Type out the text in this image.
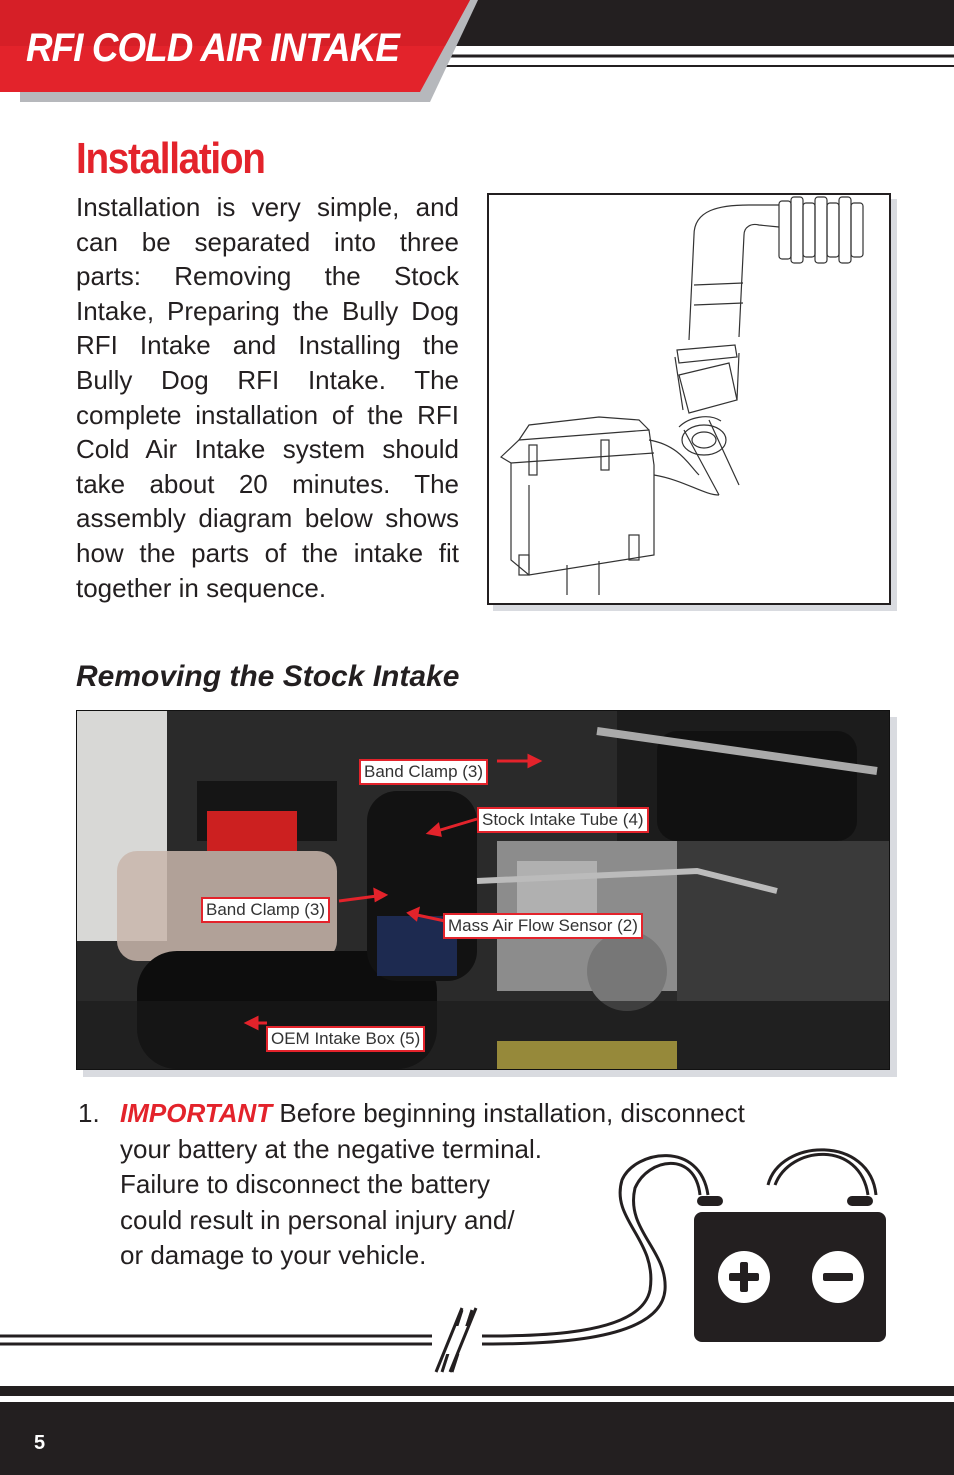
RFI COLD AIR INTAKE
Installation
Installation is very simple, and can be separated into three parts: Removing the Stock Intake, Preparing the Bully Dog RFI Intake and Installing the Bully Dog RFI Intake. The complete installation of the RFI Cold Air Intake system should take about 20 minutes. The assembly diagram below shows how the parts of the intake fit together in sequence.
Removing the Stock Intake
Band Clamp (3)
Stock Intake Tube (4)
Band Clamp (3)
Mass Air Flow Sensor (2)
OEM Intake Box (5)
1. IMPORTANT Before beginning installation, disconnect
your battery at the negative terminal.
Failure to disconnect the battery
could result in personal injury and/
or damage to your vehicle.
5
